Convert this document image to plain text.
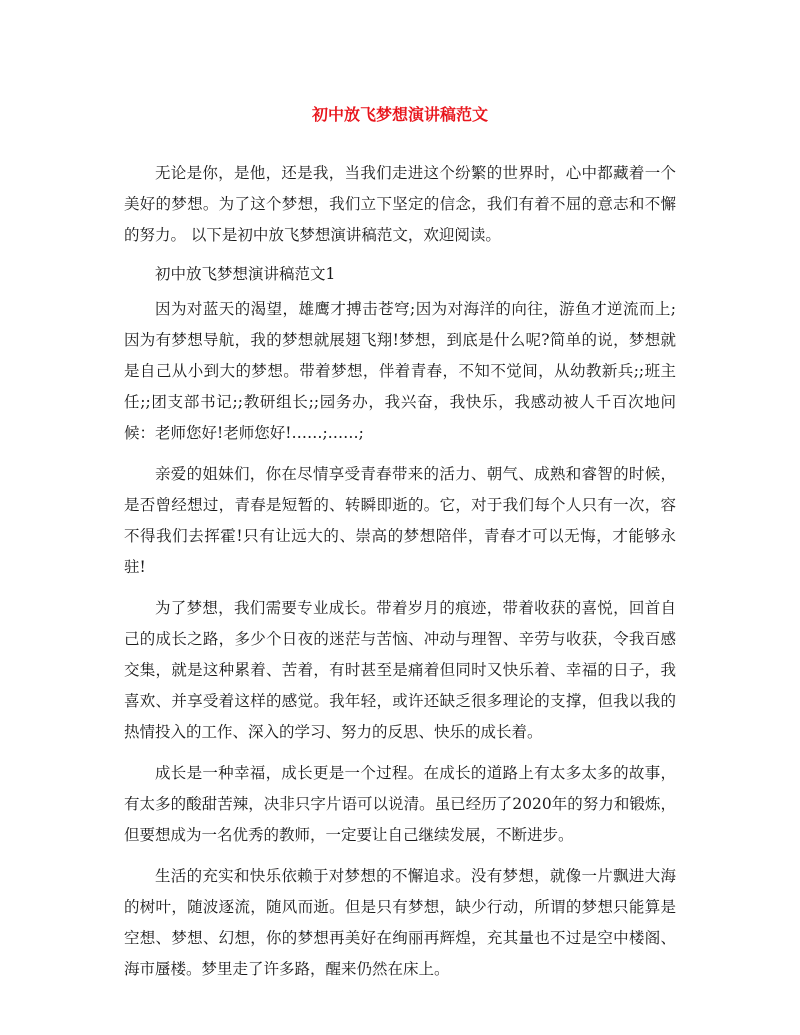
初中放飞梦想演讲稿范文

无论是你，是他，还是我，当我们走进这个纷繁的世界时，心中都藏着一个美好的梦想。为了这个梦想，我们立下坚定的信念，我们有着不屈的意志和不懈的努力。 以下是初中放飞梦想演讲稿范文，欢迎阅读。

初中放飞梦想演讲稿范文1

因为对蓝天的渴望，雄鹰才搏击苍穹;因为对海洋的向往，游鱼才逆流而上;因为有梦想导航，我的梦想就展翅飞翔!梦想，到底是什么呢?简单的说，梦想就是自己从小到大的梦想。带着梦想，伴着青春，不知不觉间，从幼教新兵;;班主任;;团支部书记;;教研组长;;园务办，我兴奋，我快乐，我感动被人千百次地问候：老师您好!老师您好!……;……;

亲爱的姐妹们，你在尽情享受青春带来的活力、朝气、成熟和睿智的时候，是否曾经想过，青春是短暂的、转瞬即逝的。它，对于我们每个人只有一次，容不得我们去挥霍!只有让远大的、崇高的梦想陪伴，青春才可以无悔，才能够永驻!

为了梦想，我们需要专业成长。带着岁月的痕迹，带着收获的喜悦，回首自己的成长之路，多少个日夜的迷茫与苦恼、冲动与理智、辛劳与收获，令我百感交集，就是这种累着、苦着，有时甚至是痛着但同时又快乐着、幸福的日子，我喜欢、并享受着这样的感觉。我年轻，或许还缺乏很多理论的支撑，但我以我的热情投入的工作、深入的学习、努力的反思、快乐的成长着。

成长是一种幸福，成长更是一个过程。在成长的道路上有太多太多的故事，有太多的酸甜苦辣，决非只字片语可以说清。虽已经历了2020年的努力和锻炼，但要想成为一名优秀的教师，一定要让自己继续发展，不断进步。

生活的充实和快乐依赖于对梦想的不懈追求。没有梦想，就像一片飘进大海的树叶，随波逐流，随风而逝。但是只有梦想，缺少行动，所谓的梦想只能算是空想、梦想、幻想，你的梦想再美好在绚丽再辉煌，充其量也不过是空中楼阁、海市蜃楼。梦里走了许多路，醒来仍然在床上。
